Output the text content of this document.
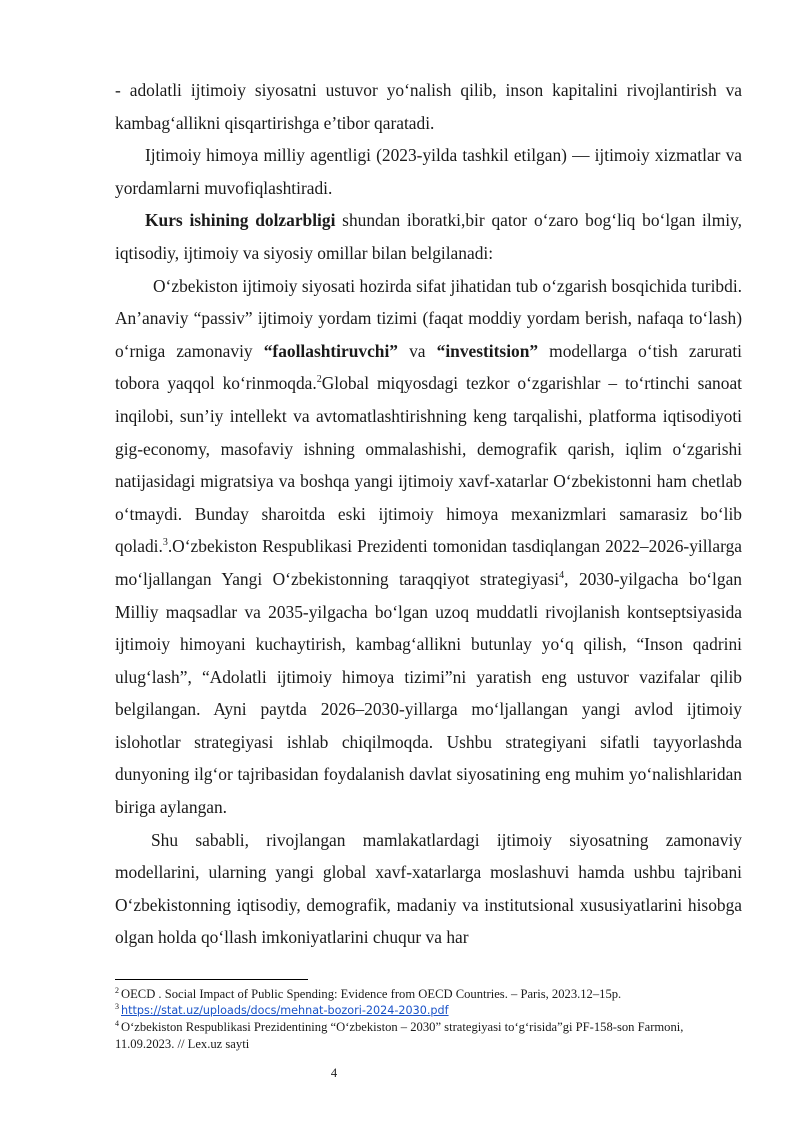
- adolatli ijtimoiy siyosatni ustuvor yo‘nalish qilib, inson kapitalini rivojlantirish va kambag‘allikni qisqartirishga e’tibor qaratadi.

Ijtimoiy himoya milliy agentligi (2023-yilda tashkil etilgan) — ijtimoiy xizmatlar va yordamlarni muvofiqlashtiradi.

Kurs ishining dolzarbligi shundan iboratki,bir qator o‘zaro bog‘liq bo‘lgan ilmiy, iqtisodiy, ijtimoiy va siyosiy omillar bilan belgilanadi:

O‘zbekiston ijtimoiy siyosati hozirda sifat jihatidan tub o‘zgarish bosqichida turibdi. An’anaviy “passiv” ijtimoiy yordam tizimi (faqat moddiy yordam berish, nafaqa to‘lash) o‘rniga zamonaviy “faollashtiruvchi” va “investitsion” modellarga o‘tish zarurati tobora yaqqol ko‘rinmoqda.$^2$Global miqyosdagi tezkor o‘zgarishlar – to‘rtinchi sanoat inqilobi, sun’iy intellekt va avtomatlashtirishning keng tarqalishi, platforma iqtisodiyoti gig-economy, masofaviy ishning ommalashishi, demografik qarish, iqlim o‘zgarishi natijasidagi migratsiya va boshqa yangi ijtimoiy xavf-xatarlar O‘zbekistonni ham chetlab o‘tmaydi. Bunday sharoitda eski ijtimoiy himoya mexanizmlari samarasiz bo‘lib qoladi.$^3$.O‘zbekiston Respublikasi Prezidenti tomonidan tasdiqlangan 2022–2026-yillarga mo‘ljallangan Yangi O‘zbekistonning taraqqiyot strategiyasi$^4$, 2030-yilgacha bo‘lgan Milliy maqsadlar va 2035-yilgacha bo‘lgan uzoq muddatli rivojlanish kontseptsiyasida ijtimoiy himoyani kuchaytirish, kambag‘allikni butunlay yo‘q qilish, “Inson qadrini ulug‘lash”, “Adolatli ijtimoiy himoya tizimi”ni yaratish eng ustuvor vazifalar qilib belgilangan. Ayni paytda 2026–2030-yillarga mo‘ljallangan yangi avlod ijtimoiy islohotlar strategiyasi ishlab chiqilmoqda. Ushbu strategiyani sifatli tayyorlashda dunyoning ilg‘or tajribasidan foydalanish davlat siyosatining eng muhim yo‘nalishlaridan biriga aylangan.

Shu sababli, rivojlangan mamlakatlardagi ijtimoiy siyosatning zamonaviy modellarini, ularning yangi global xavf-xatarlarga moslashuvi hamda ushbu tajribani O‘zbekistonning iqtisodiy, demografik, madaniy va institutsional xususiyatlarini hisobga olgan holda qo‘llash imkoniyatlarini chuqur va har

$^2$ OECD . Social Impact of Public Spending: Evidence from OECD Countries. – Paris, 2023.12–15p.

$^3$ https://stat.uz/uploads/docs/mehnat-bozori-2024-2030.pdf

$^4$ O‘zbekiston Respublikasi Prezidentining “O‘zbekiston – 2030” strategiyasi to‘g‘risida”gi PF-158-son Farmoni, 11.09.2023. // Lex.uz sayti

4
